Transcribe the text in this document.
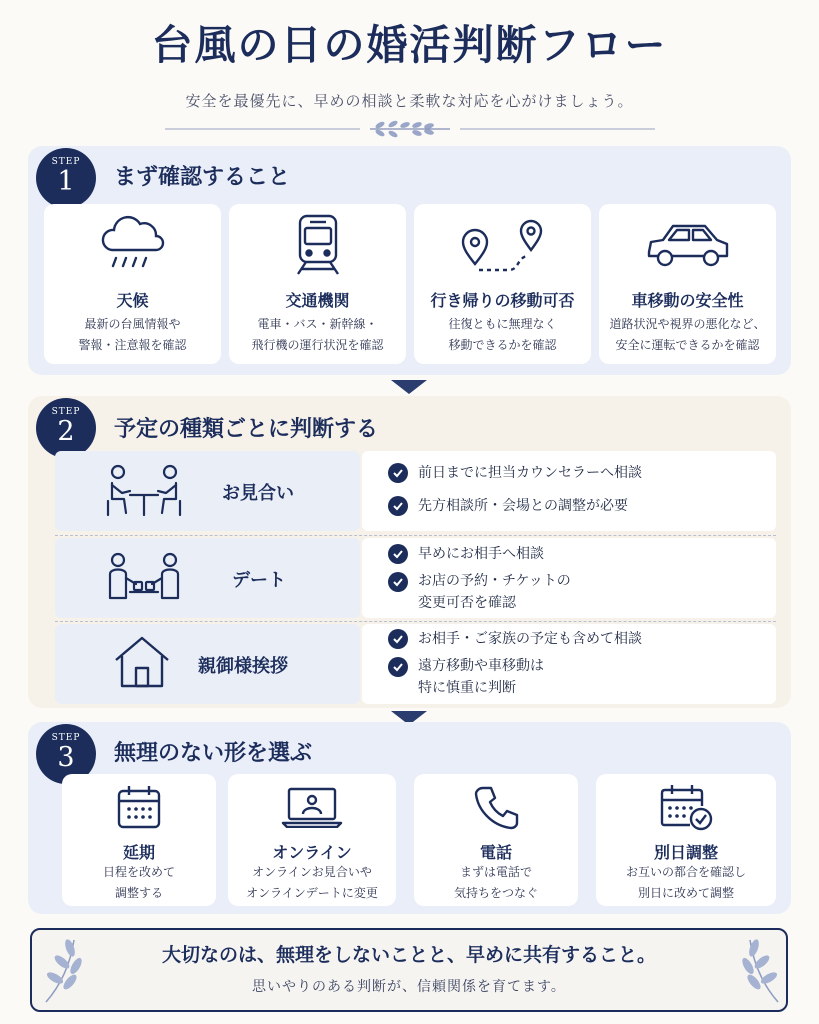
台風の日の婚活判断フロー
安全を最優先に、早めの相談と柔軟な対応を心がけましょう。
STEP
1	まず確認すること
天候
最新の台風情報や
警報・注意報を確認
交通機関
電車・バス・新幹線・
飛行機の運行状況を確認
行き帰りの移動可否
往復ともに無理なく
移動できるかを確認
車移動の安全性
道路状況や視界の悪化など、
安全に運転できるかを確認
STEP
2	予定の種類ごとに判断する
お見合い
前日までに担当カウンセラーへ相談
先方相談所・会場との調整が必要
デート
早めにお相手へ相談
お店の予約・チケットの
変更可否を確認
親御様挨拶
お相手・ご家族の予定も含めて相談
遠方移動や車移動は
特に慎重に判断
STEP
3	無理のない形を選ぶ
延期
日程を改めて
調整する
オンライン
オンラインお見合いや
オンラインデートに変更
電話
まずは電話で
気持ちをつなぐ
別日調整
お互いの都合を確認し
別日に改めて調整
大切なのは、無理をしないことと、早めに共有すること。
思いやりのある判断が、信頼関係を育てます。
